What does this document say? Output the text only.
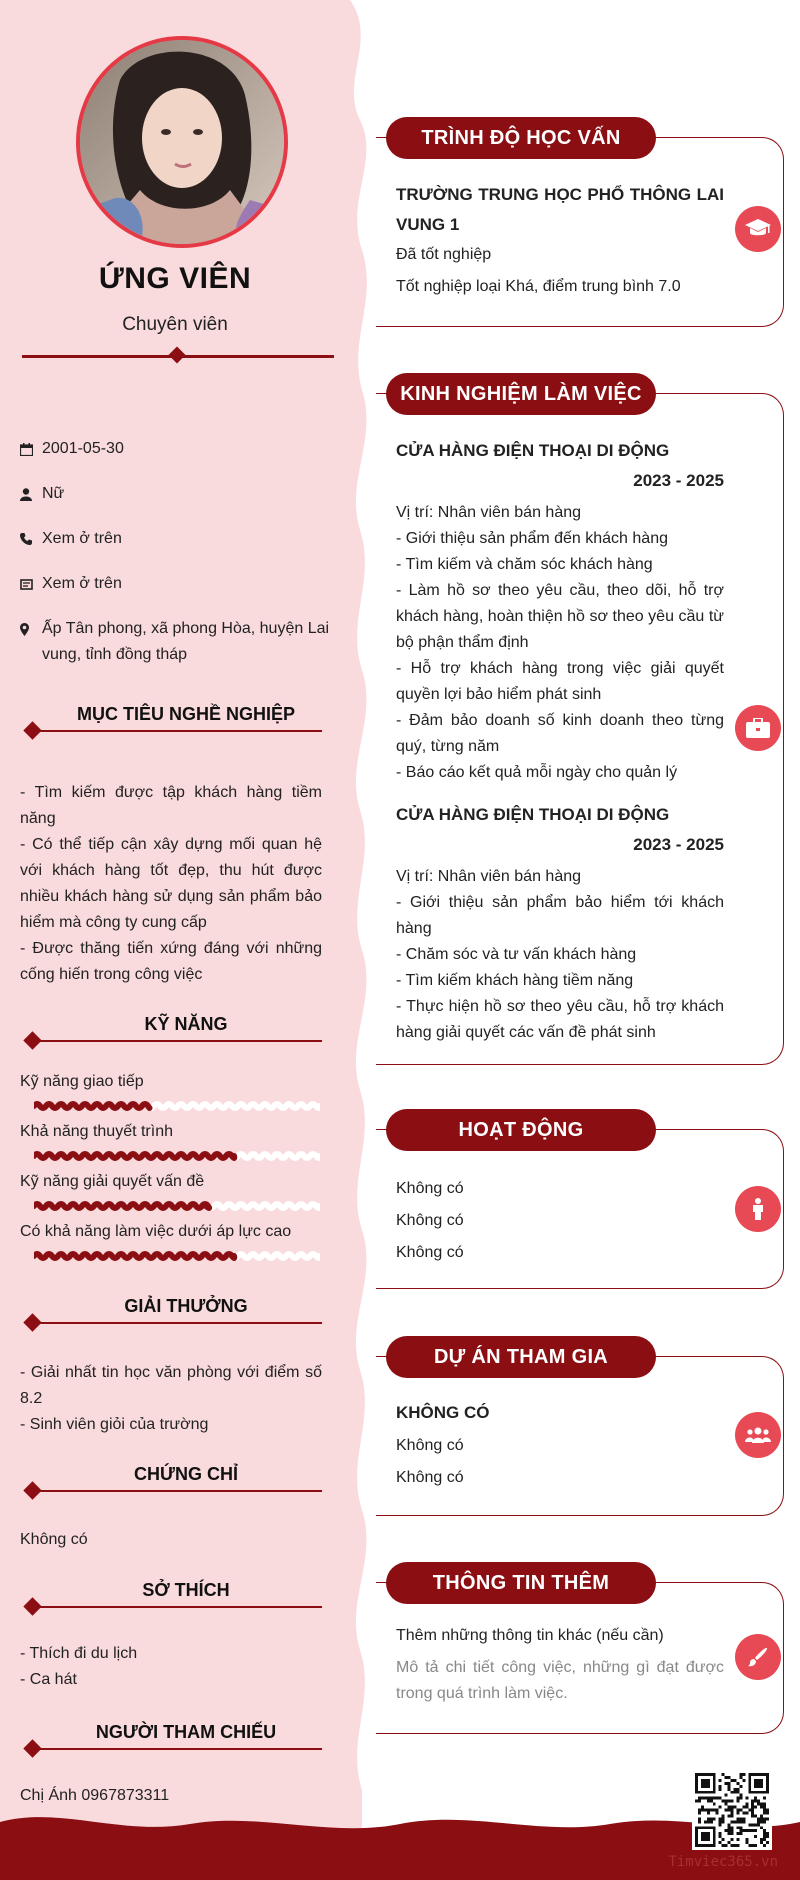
ỨNG VIÊN
Chuyên viên
2001-05-30
Nữ
Xem ở trên
Xem ở trên
Ấp Tân phong, xã phong Hòa, huyện Lai vung, tỉnh đồng tháp
MỤC TIÊU NGHỀ NGHIỆP
- Tìm kiếm được tập khách hàng tiềm năng
- Có thể tiếp cận xây dựng mối quan hệ với khách hàng tốt đẹp, thu hút được nhiều khách hàng sử dụng sản phẩm bảo hiểm mà công ty cung cấp
- Được thăng tiến xứng đáng với những cống hiến trong công việc
KỸ NĂNG
Kỹ năng giao tiếp
Khả năng thuyết trình
Kỹ năng giải quyết vấn đề
Có khả năng làm việc dưới áp lực cao
GIẢI THƯỞNG
- Giải nhất tin học văn phòng với điểm số 8.2
- Sinh viên giỏi của trường
CHỨNG CHỈ
Không có
SỞ THÍCH
- Thích đi du lịch
- Ca hát
NGƯỜI THAM CHIẾU
Chị Ánh 0967873311
TRÌNH ĐỘ HỌC VẤN

TRƯỜNG TRUNG HỌC PHỔ THÔNG LAI VUNG 1

Đã tốt nghiệp

Tốt nghiệp loại Khá, điểm trung bình 7.0

KINH NGHIỆM LÀM VIỆC

CỬA HÀNG ĐIỆN THOẠI DI ĐỘNG

2023 - 2025

Vị trí: Nhân viên bán hàng

- Giới thiệu sản phẩm đến khách hàng

- Tìm kiếm và chăm sóc khách hàng

- Làm hồ sơ theo yêu cầu, theo dõi, hỗ trợ khách hàng, hoàn thiện hồ sơ theo yêu cầu từ bộ phận thẩm định

- Hỗ trợ khách hàng trong việc giải quyết quyền lợi bảo hiểm phát sinh

- Đảm bảo doanh số kinh doanh theo từng quý, từng năm

- Báo cáo kết quả mỗi ngày cho quản lý

CỬA HÀNG ĐIỆN THOẠI DI ĐỘNG

2023 - 2025

Vị trí: Nhân viên bán hàng

- Giới thiệu sản phẩm bảo hiểm tới khách hàng

- Chăm sóc và tư vấn khách hàng

- Tìm kiếm khách hàng tiềm năng

- Thực hiện hồ sơ theo yêu cầu, hỗ trợ khách hàng giải quyết các vấn đề phát sinh

HOẠT ĐỘNG

Không có

Không có

Không có

DỰ ÁN THAM GIA

KHÔNG CÓ

Không có

Không có

THÔNG TIN THÊM

Thêm những thông tin khác (nếu cần)

Mô tả chi tiết công việc, những gì đạt được trong quá trình làm việc.

Timviec365.vn
